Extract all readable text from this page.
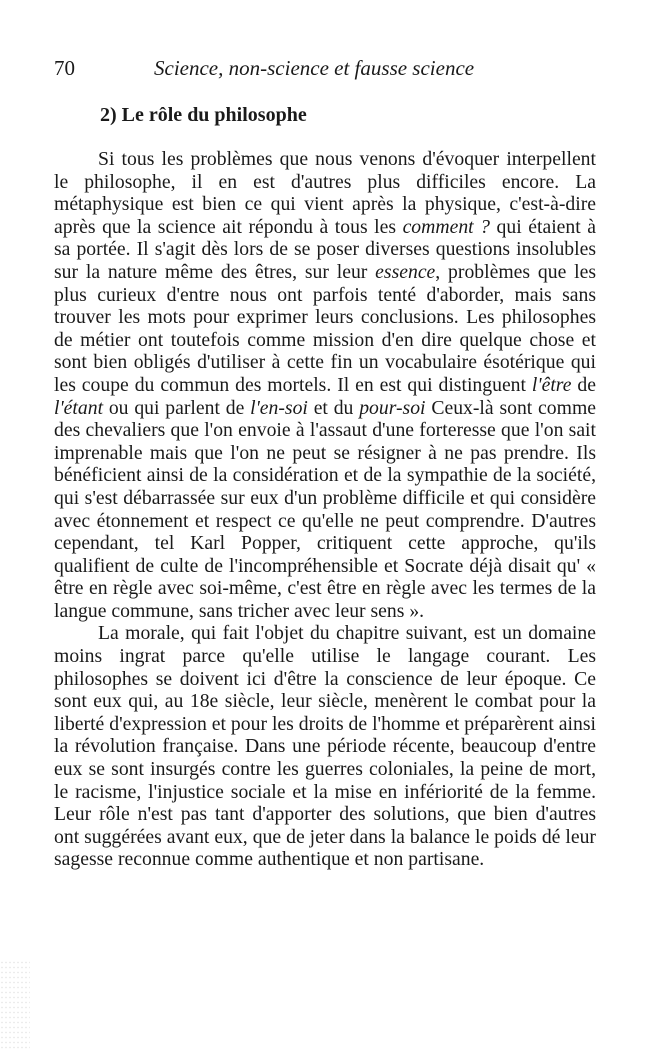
70	Science, non-science et fausse science
2) Le rôle du philosophe

Si tous les problèmes que nous venons d'évoquer interpellent le philosophe, il en est d'autres plus difficiles encore. La métaphysique est bien ce qui vient après la physique, c'est-à-dire après que la science ait répondu à tous les comment ? qui étaient à sa portée. Il s'agit dès lors de se poser diverses questions insolubles sur la nature même des êtres, sur leur essence, problèmes que les plus curieux d'entre nous ont parfois tenté d'aborder, mais sans trouver les mots pour exprimer leurs conclusions. Les philosophes de métier ont toutefois comme mission d'en dire quelque chose et sont bien obligés d'utiliser à cette fin un vocabulaire ésotérique qui les coupe du commun des mortels. Il en est qui distinguent l'être de l'étant ou qui parlent de l'en-soi et du pour-soi Ceux-là sont comme des chevaliers que l'on envoie à l'assaut d'une forteresse que l'on sait imprenable mais que l'on ne peut se résigner à ne pas prendre. Ils bénéficient ainsi de la considération et de la sympathie de la société, qui s'est débarrassée sur eux d'un problème difficile et qui considère avec étonnement et respect ce qu'elle ne peut comprendre. D'autres cependant, tel Karl Popper, critiquent cette approche, qu'ils qualifient de culte de l'incompréhensible et Socrate déjà disait qu' « être en règle avec soi-même, c'est être en règle avec les termes de la langue commune, sans tricher avec leur sens ».

La morale, qui fait l'objet du chapitre suivant, est un domaine moins ingrat parce qu'elle utilise le langage courant. Les philosophes se doivent ici d'être la conscience de leur époque. Ce sont eux qui, au 18e siècle, leur siècle, menèrent le combat pour la liberté d'expression et pour les droits de l'homme et préparèrent ainsi la révolution française. Dans une période récente, beaucoup d'entre eux se sont insurgés contre les guerres coloniales, la peine de mort, le racisme, l'injustice sociale et la mise en infériorité de la femme. Leur rôle n'est pas tant d'apporter des solutions, que bien d'autres ont suggérées avant eux, que de jeter dans la balance le poids dé leur sagesse reconnue comme authentique et non partisane.
